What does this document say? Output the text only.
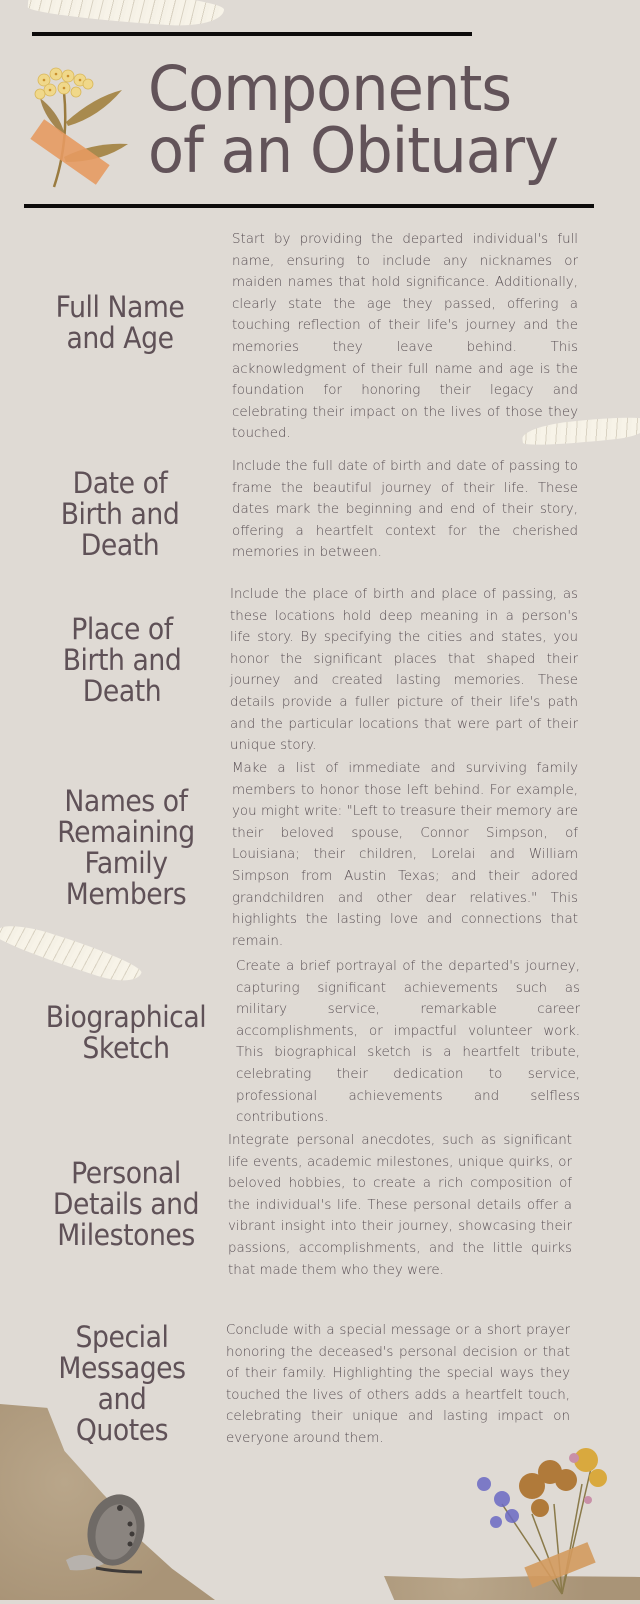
Components
of an Obituary
Full Name
and Age
Start by providing the departed individual's full name, ensuring to include any nicknames or maiden names that hold significance. Additionally, clearly state the age they passed, offering a touching reflection of their life's journey and the memories they leave behind. This acknowledgment of their full name and age is the foundation for honoring their legacy and celebrating their impact on the lives of those they touched.
Date of
Birth and
Death
Include the full date of birth and date of passing to frame the beautiful journey of their life. These dates mark the beginning and end of their story, offering a heartfelt context for the cherished memories in between.
Place of
Birth and
Death
Include the place of birth and place of passing, as these locations hold deep meaning in a person's life story. By specifying the cities and states, you honor the significant places that shaped their journey and created lasting memories. These details provide a fuller picture of their life's path and the particular locations that were part of their unique story.
Names of
Remaining
Family
Members
Make a list of immediate and surviving family members to honor those left behind. For example, you might write: "Left to treasure their memory are their beloved spouse, Connor Simpson, of Louisiana; their children, Lorelai and William Simpson from Austin Texas; and their adored grandchildren and other dear relatives." This highlights the lasting love and connections that remain.
Biographical
Sketch
Create a brief portrayal of the departed's journey, capturing significant achievements such as military service, remarkable career accomplishments, or impactful volunteer work. This biographical sketch is a heartfelt tribute, celebrating their dedication to service, professional achievements and selfless contributions.
Personal
Details and
Milestones
Integrate personal anecdotes, such as significant life events, academic milestones, unique quirks, or beloved hobbies, to create a rich composition of the individual's life. These personal details offer a vibrant insight into their journey, showcasing their passions, accomplishments, and the little quirks that made them who they were.
Special
Messages
and
Quotes
Conclude with a special message or a short prayer honoring the deceased's personal decision or that of their family. Highlighting the special ways they touched the lives of others adds a heartfelt touch, celebrating their unique and lasting impact on everyone around them.
